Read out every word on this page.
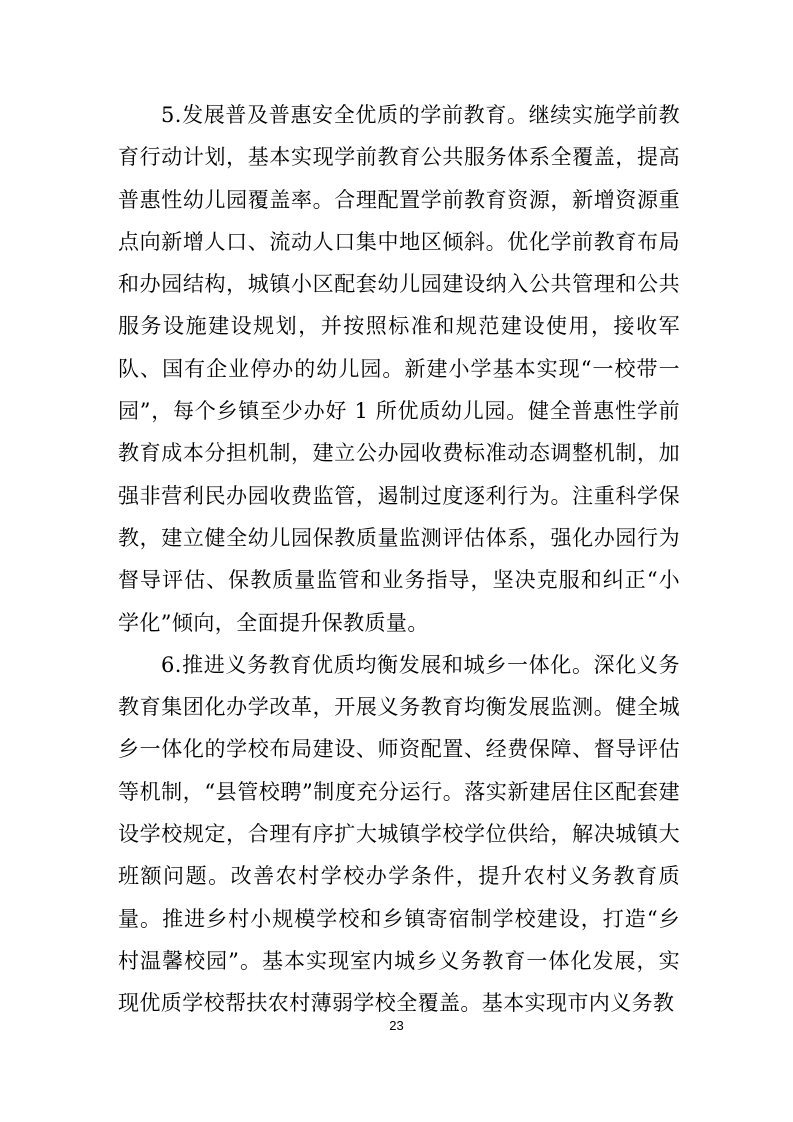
5.发展普及普惠安全优质的学前教育。继续实施学前教育行动计划，基本实现学前教育公共服务体系全覆盖，提高普惠性幼儿园覆盖率。合理配置学前教育资源，新增资源重点向新增人口、流动人口集中地区倾斜。优化学前教育布局和办园结构，城镇小区配套幼儿园建设纳入公共管理和公共服务设施建设规划，并按照标准和规范建设使用，接收军队、国有企业停办的幼儿园。新建小学基本实现“一校带一园”，每个乡镇至少办好 1 所优质幼儿园。健全普惠性学前教育成本分担机制，建立公办园收费标准动态调整机制，加强非营利民办园收费监管，遏制过度逐利行为。注重科学保教，建立健全幼儿园保教质量监测评估体系，强化办园行为督导评估、保教质量监管和业务指导，坚决克服和纠正“小学化”倾向，全面提升保教质量。

6.推进义务教育优质均衡发展和城乡一体化。深化义务教育集团化办学改革，开展义务教育均衡发展监测。健全城乡一体化的学校布局建设、师资配置、经费保障、督导评估等机制，“县管校聘”制度充分运行。落实新建居住区配套建设学校规定，合理有序扩大城镇学校学位供给，解决城镇大班额问题。改善农村学校办学条件，提升农村义务教育质量。推进乡村小规模学校和乡镇寄宿制学校建设，打造“乡村温馨校园”。基本实现室内城乡义务教育一体化发展，实现优质学校帮扶农村薄弱学校全覆盖。基本实现市内义务教

23
